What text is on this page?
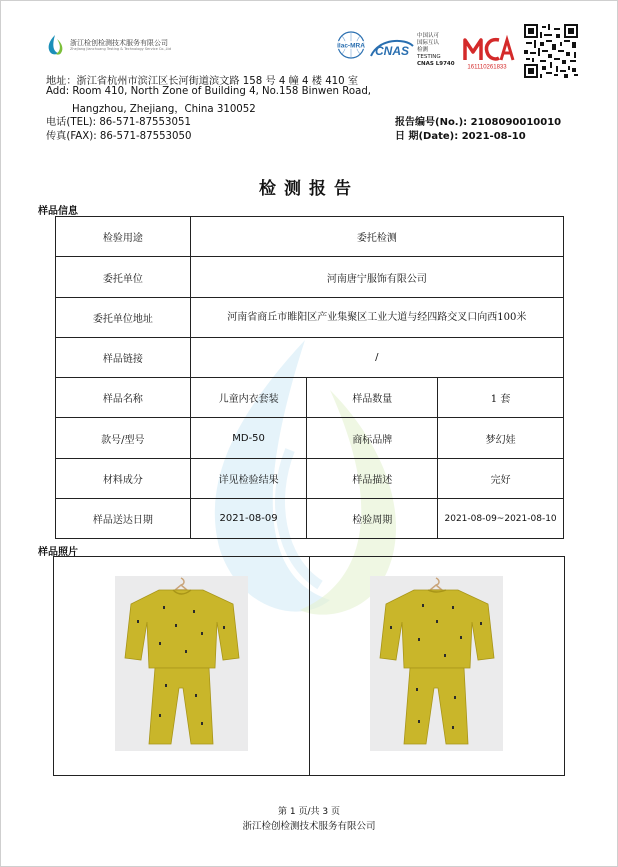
浙江检创检测技术服务有限公司
Zhejiang Jianchuang Testing & Technology Service Co.,Ltd	ilac-MRA CNAS
中国认可
国际互认
检测
TESTING
CNAS L9740
161110261833
地址：浙江省杭州市滨江区长河街道滨文路 158 号 4 幢 4 楼 410 室
Add: Room 410, North Zone of Building 4, No.158 Binwen Road,
Hangzhou, Zhejiang，China 310052
电话(TEL): 86-571-87553051
传真(FAX): 86-571-87553050
报告编号(No.): 2108090010010
日 期(Date): 2021-08-10
检测报告
样品信息
检验用途	委托检测		
委托单位	河南唐宁服饰有限公司		
委托单位地址	河南省商丘市睢阳区产业集聚区工业大道与经四路交叉口向西100米		
样品链接	/		
样品名称	儿童内衣套装	样品数量	1 套
款号/型号	MD-50	商标品牌	梦幻娃
材料成分	详见检验结果	样品描述	完好
样品送达日期	2021-08-09	检验周期	2021-08-09~2021-08-10
样品照片
第 1 页/共 3 页
浙江检创检测技术服务有限公司
